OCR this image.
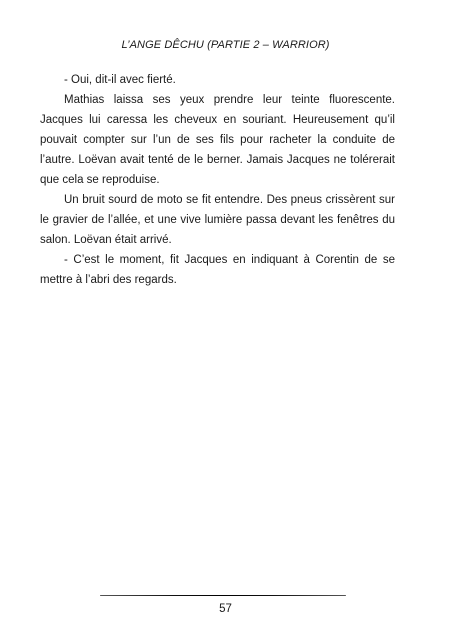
L’ANGE DÊCHU (PARTIE 2 – WARRIOR)

- Oui, dit-il avec fierté.

Mathias laissa ses yeux prendre leur teinte fluorescente. Jacques lui caressa les cheveux en souriant. Heureusement qu’il pouvait compter sur l’un de ses fils pour racheter la conduite de l’autre. Loëvan avait tenté de le berner. Jamais Jacques ne tolérerait que cela se reproduise.

Un bruit sourd de moto se fit entendre. Des pneus crissèrent sur le gravier de l’allée, et une vive lumière passa devant les fenêtres du salon. Loëvan était arrivé.

- C’est le moment, fit Jacques en indiquant à Corentin de se mettre à l’abri des regards.

57
